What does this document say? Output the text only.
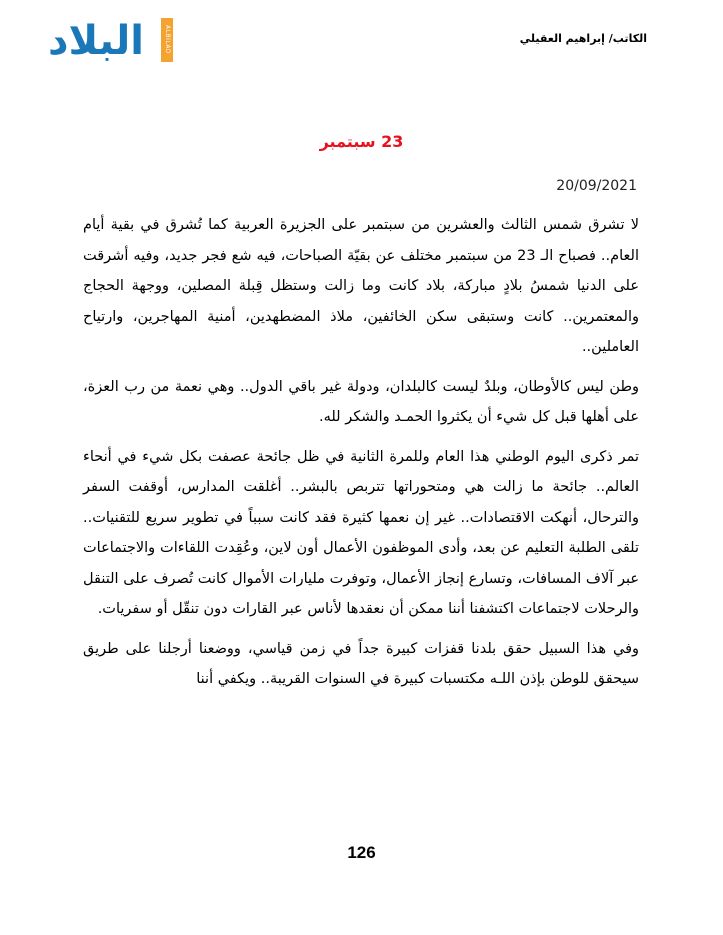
البلاد	ALBILAD	الكاتب/ إبراهيم العقيلي
23 سبتمبر
20/09/2021

لا تشرق شمس الثالث والعشرين من سبتمبر على الجزيرة العربية كما تُشرق في بقية أيام العام.. فصباح الـ 23 من سبتمبر مختلف عن بقيّة الصباحات، فيه شع فجر جديد، وفيه أشرقت على الدنيا شمسُ بلادٍ مباركة، بلاد كانت وما زالت وستظل قِبلة المصلين، ووجهة الحجاج والمعتمرين.. كانت وستبقى سكن الخائفين، ملاذ المضطهدين، أمنية المهاجرين، وارتياح العاملين..

وطن ليس كالأوطان، وبلدٌ ليست كالبلدان، ودولة غير باقي الدول.. وهي نعمة من رب العزة، على أهلها قبل كل شيء أن يكثروا الحمـد والشكر لله.

تمر ذكرى اليوم الوطني هذا العام وللمرة الثانية في ظل جائحة عصفت بكل شيء في أنحاء العالم.. جائحة ما زالت هي ومتحوراتها تتربص بالبشر.. أغلقت المدارس، أوقفت السفر والترحال، أنهكت الاقتصادات.. غير إن نعمها كثيرة فقد كانت سبباً في تطوير سريع للتقنيات.. تلقى الطلبة التعليم عن بعد، وأدى الموظفون الأعمال أون لاين، وعُقِدت اللقاءات والاجتماعات عبر آلاف المسافات، وتسارع إنجاز الأعمال، وتوفرت مليارات الأموال كانت تُصرف على التنقل والرحلات لاجتماعات اكتشفنا أننا ممكن أن نعقدها لأناس عبر القارات دون تنقّل أو سفريات.

وفي هذا السبيل حقق بلدنا قفزات كبيرة جداً في زمن قياسي، ووضعنا أرجلنا على طريق سيحقق للوطن بإذن اللـه مكتسبات كبيرة في السنوات القريبة.. ويكفي أننا

126
